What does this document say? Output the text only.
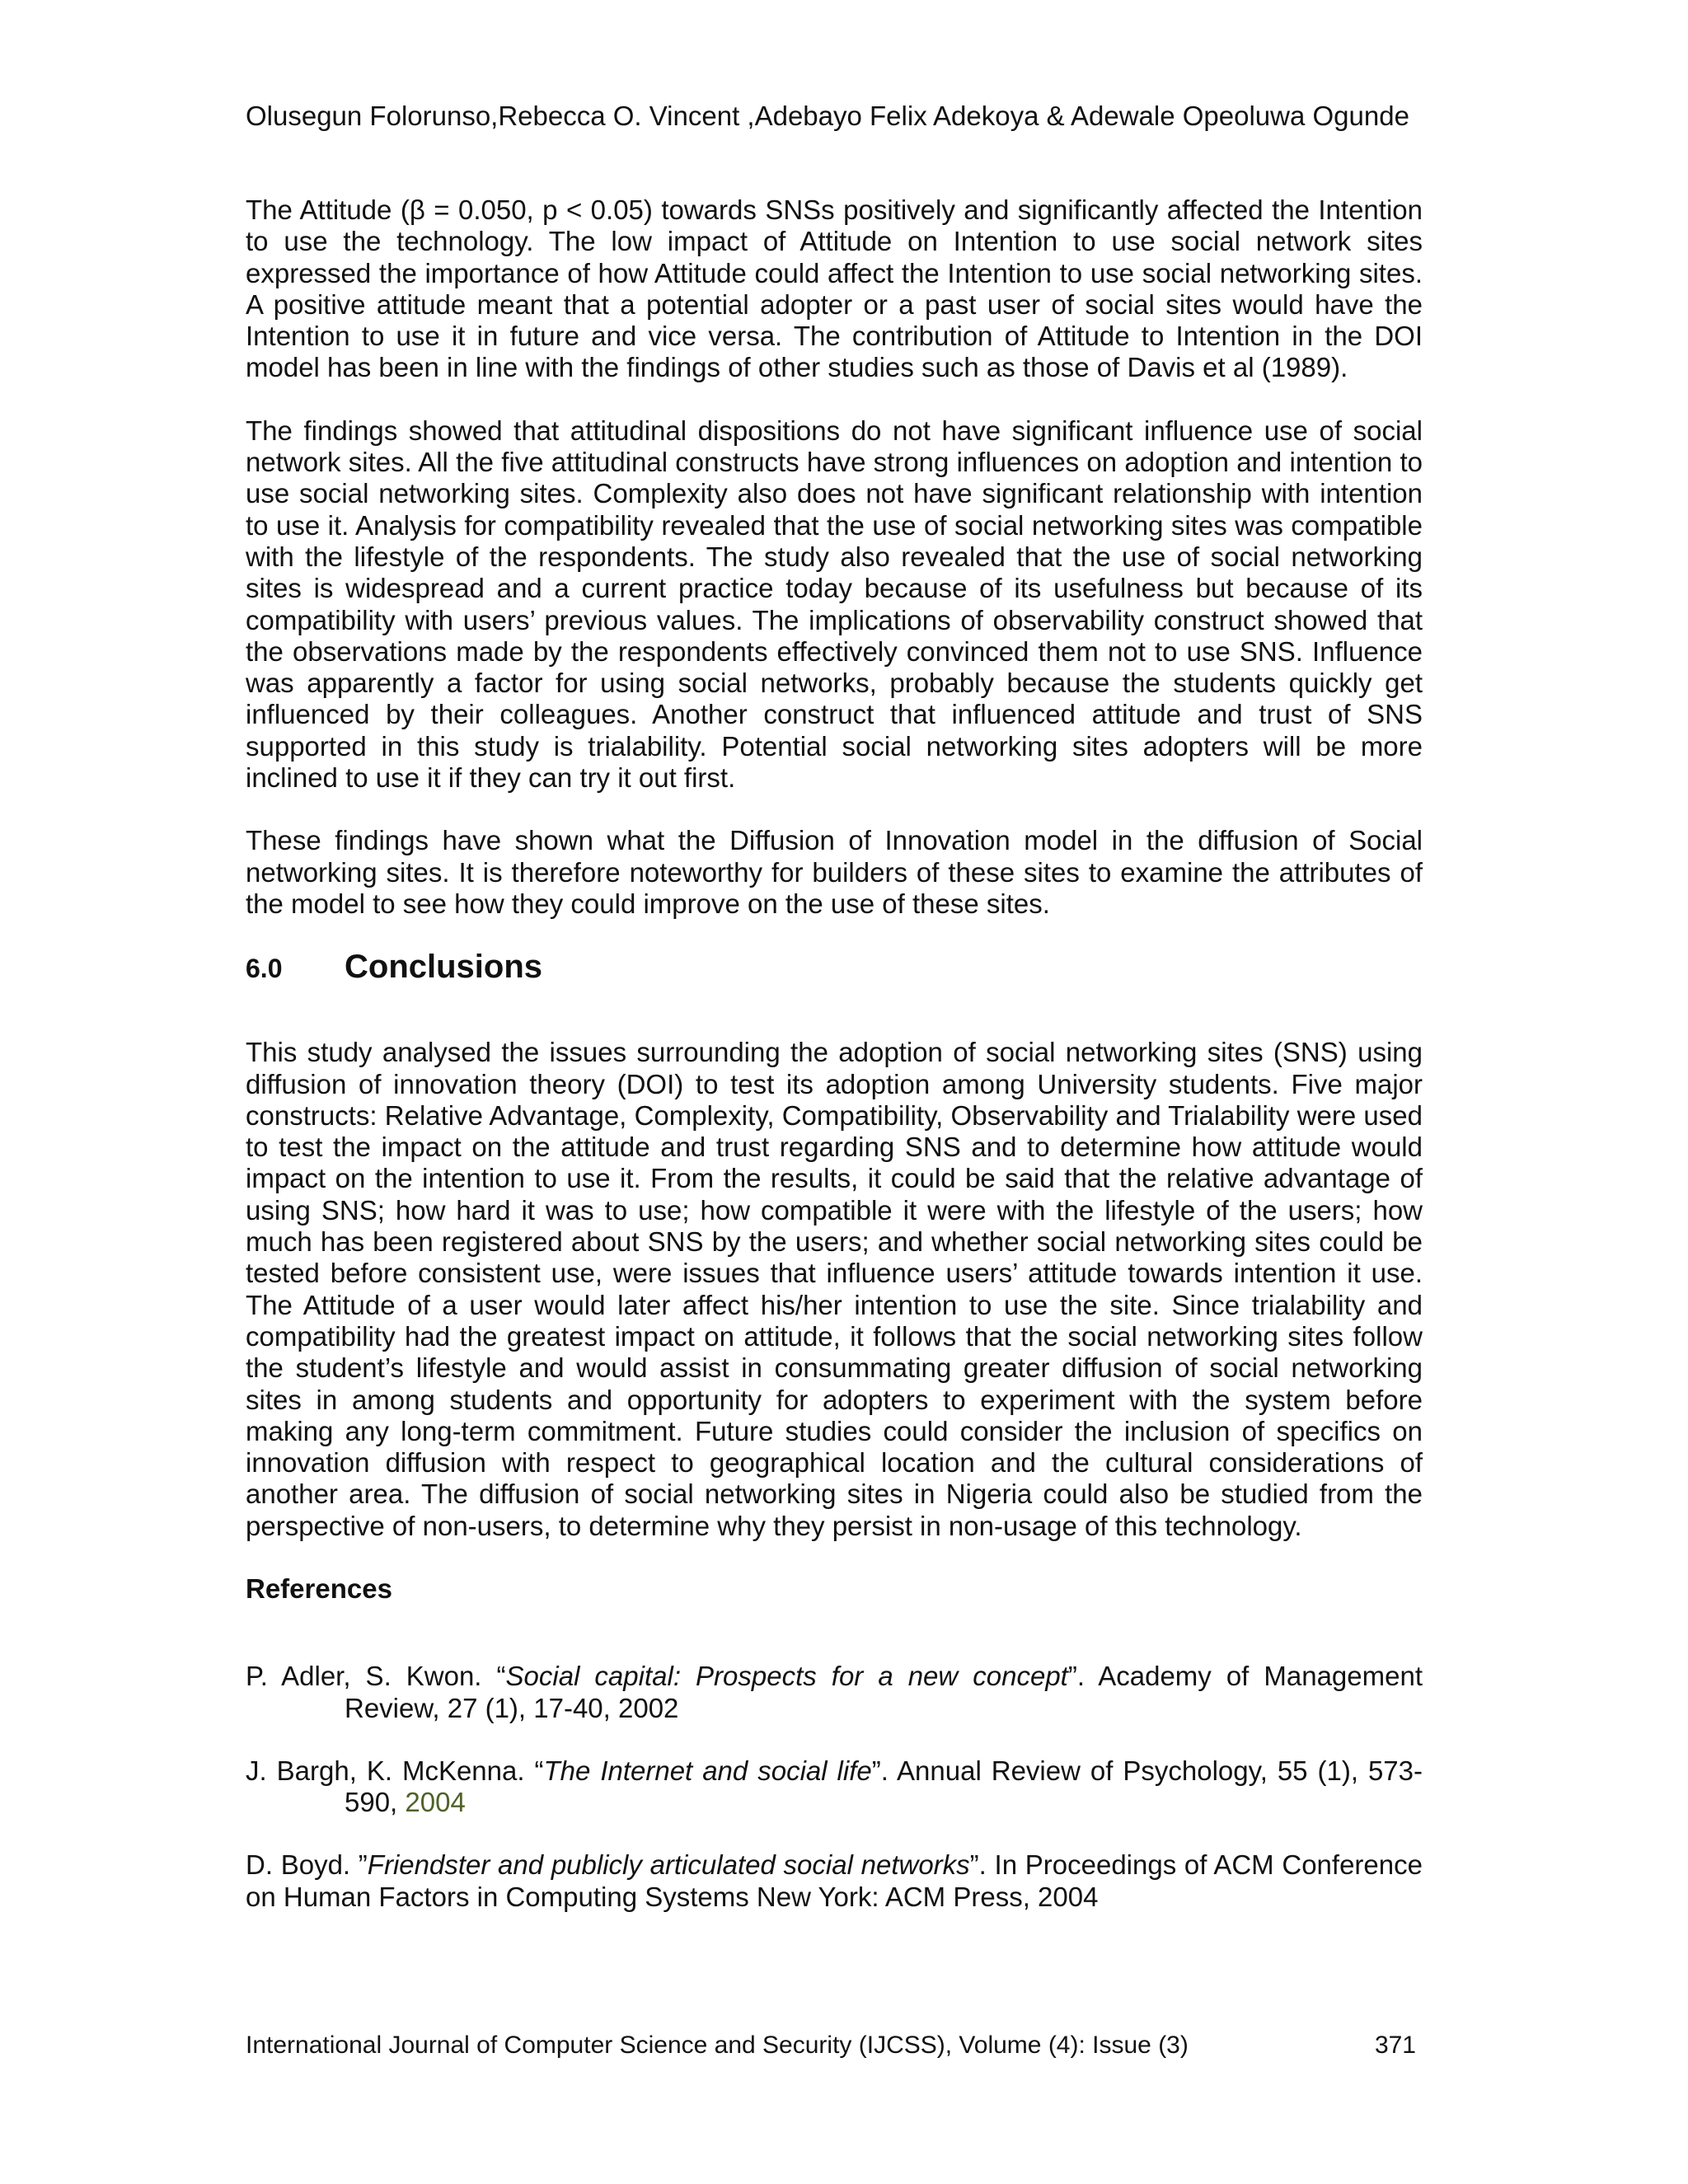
Olusegun Folorunso,Rebecca O. Vincent ,Adebayo Felix Adekoya & Adewale Opeoluwa Ogunde

The Attitude (β = 0.050, p < 0.05) towards SNSs positively and significantly affected the Intention to use the technology. The low impact of Attitude on Intention to use social network sites expressed the importance of how Attitude could affect the Intention to use social networking sites. A positive attitude meant that a potential adopter or a past user of social sites would have the Intention to use it in future and vice versa. The contribution of Attitude to Intention in the DOI model has been in line with the findings of other studies such as those of Davis et al (1989).

The findings showed that attitudinal dispositions do not have significant influence use of social network sites. All the five attitudinal constructs have strong influences on adoption and intention to use social networking sites. Complexity also does not have significant relationship with intention to use it. Analysis for compatibility revealed that the use of social networking sites was compatible with the lifestyle of the respondents. The study also revealed that the use of social networking sites is widespread and a current practice today because of its usefulness but because of its compatibility with users’ previous values. The implications of observability construct showed that the observations made by the respondents effectively convinced them not to use SNS. Influence was apparently a factor for using social networks, probably because the students quickly get influenced by their colleagues. Another construct that influenced attitude and trust of SNS supported in this study is trialability. Potential social networking sites adopters will be more inclined to use it if they can try it out first.

These findings have shown what the Diffusion of Innovation model in the diffusion of Social networking sites. It is therefore noteworthy for builders of these sites to examine the attributes of the model to see how they could improve on the use of these sites.

6.0	Conclusions

This study analysed the issues surrounding the adoption of social networking sites (SNS) using diffusion of innovation theory (DOI) to test its adoption among University students. Five major constructs: Relative Advantage, Complexity, Compatibility, Observability and Trialability were used to test the impact on the attitude and trust regarding SNS and to determine how attitude would impact on the intention to use it. From the results, it could be said that the relative advantage of using SNS; how hard it was to use; how compatible it were with the lifestyle of the users; how much has been registered about SNS by the users; and whether social networking sites could be tested before consistent use, were issues that influence users’ attitude towards intention it use. The Attitude of a user would later affect his/her intention to use the site. Since trialability and compatibility had the greatest impact on attitude, it follows that the social networking sites follow the student’s lifestyle and would assist in consummating greater diffusion of social networking sites in among students and opportunity for adopters to experiment with the system before making any long-term commitment. Future studies could consider the inclusion of specifics on innovation diffusion with respect to geographical location and the cultural considerations of another area. The diffusion of social networking sites in Nigeria could also be studied from the perspective of non-users, to determine why they persist in non-usage of this technology.

References

P. Adler, S. Kwon. “Social capital: Prospects for a new concept”. Academy of Management Review, 27 (1), 17-40, 2002

J. Bargh, K. McKenna. “The Internet and social life”. Annual Review of Psychology, 55 (1), 573-590, 2004

D. Boyd. ”Friendster and publicly articulated social networks”. In Proceedings of ACM Conference on Human Factors in Computing Systems New York: ACM Press, 2004

International Journal of Computer Science and Security (IJCSS), Volume (4): Issue (3)	371
